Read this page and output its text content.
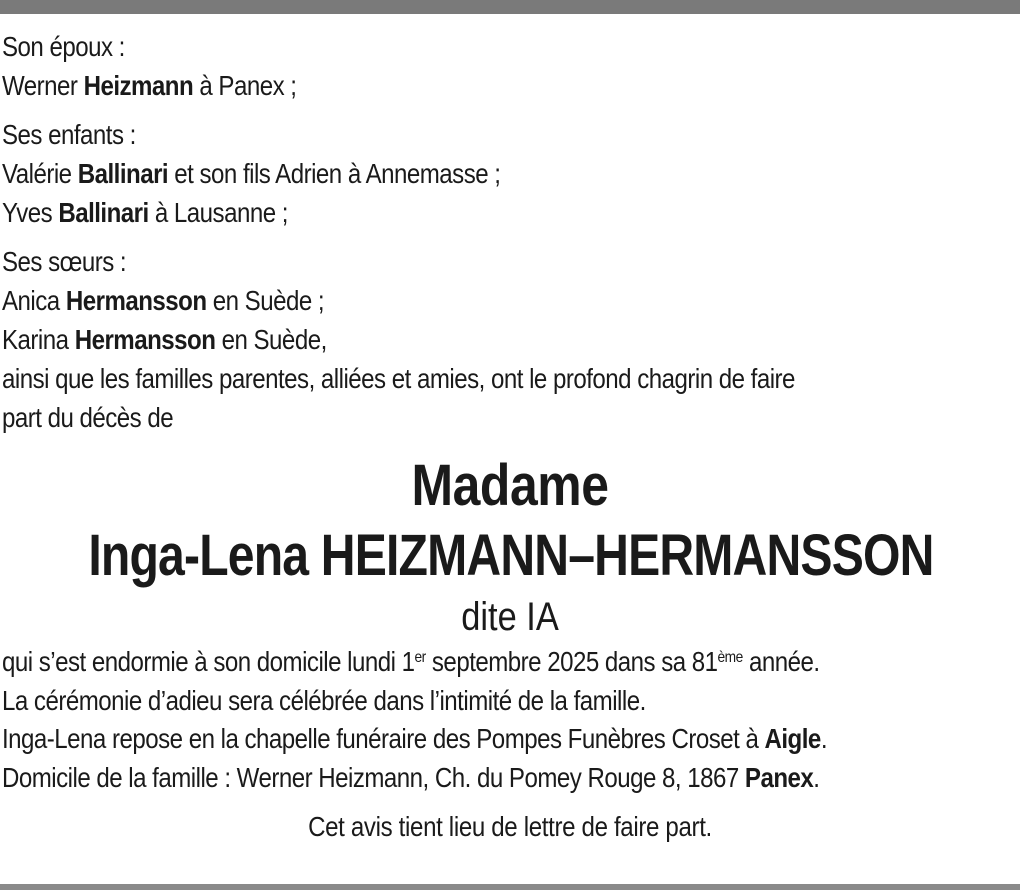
Son époux :
Werner Heizmann à Panex ;
Ses enfants :
Valérie Ballinari et son fils Adrien à Annemasse ;
Yves Ballinari à Lausanne ;
Ses sœurs :
Anica Hermansson en Suède ;
Karina Hermansson en Suède,
ainsi que les familles parentes, alliées et amies, ont le profond chagrin de faire
part du décès de
Madame
Inga-Lena HEIZMANN–HERMANSSON
dite IA
qui s’est endormie à son domicile lundi 1er septembre 2025 dans sa 81ème année.
La cérémonie d’adieu sera célébrée dans l’intimité de la famille.
Inga-Lena repose en la chapelle funéraire des Pompes Funèbres Croset à Aigle.
Domicile de la famille : Werner Heizmann, Ch. du Pomey Rouge 8, 1867 Panex.
Cet avis tient lieu de lettre de faire part.
